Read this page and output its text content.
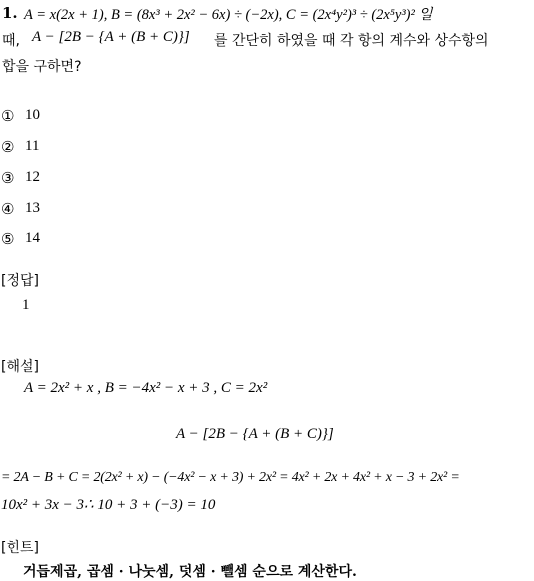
1. A = x(2x + 1), B = (8x³ + 2x² − 6x) ÷ (−2x), C = (2x⁴y²)³ ÷ (2x⁵y³)² 일
때, A − [2B − {A + (B + C)}] 를 간단히 하였을 때 각 항의 계수와 상수항의
합을 구하면?
① 10
② 11
③ 12
④ 13
⑤ 14
[정답]
1
[해설]
A = 2x² + x , B = −4x² − x + 3 , C = 2x²
A − [2B − {A + (B + C)}]
= 2A − B + C = 2(2x² + x) − (−4x² − x + 3) + 2x² = 4x² + 2x + 4x² + x − 3 + 2x² =
10x² + 3x − 3∴ 10 + 3 + (−3) = 10
[힌트]
거듭제곱, 곱셈 · 나눗셈, 덧셈 · 뺄셈 순으로 계산한다.
